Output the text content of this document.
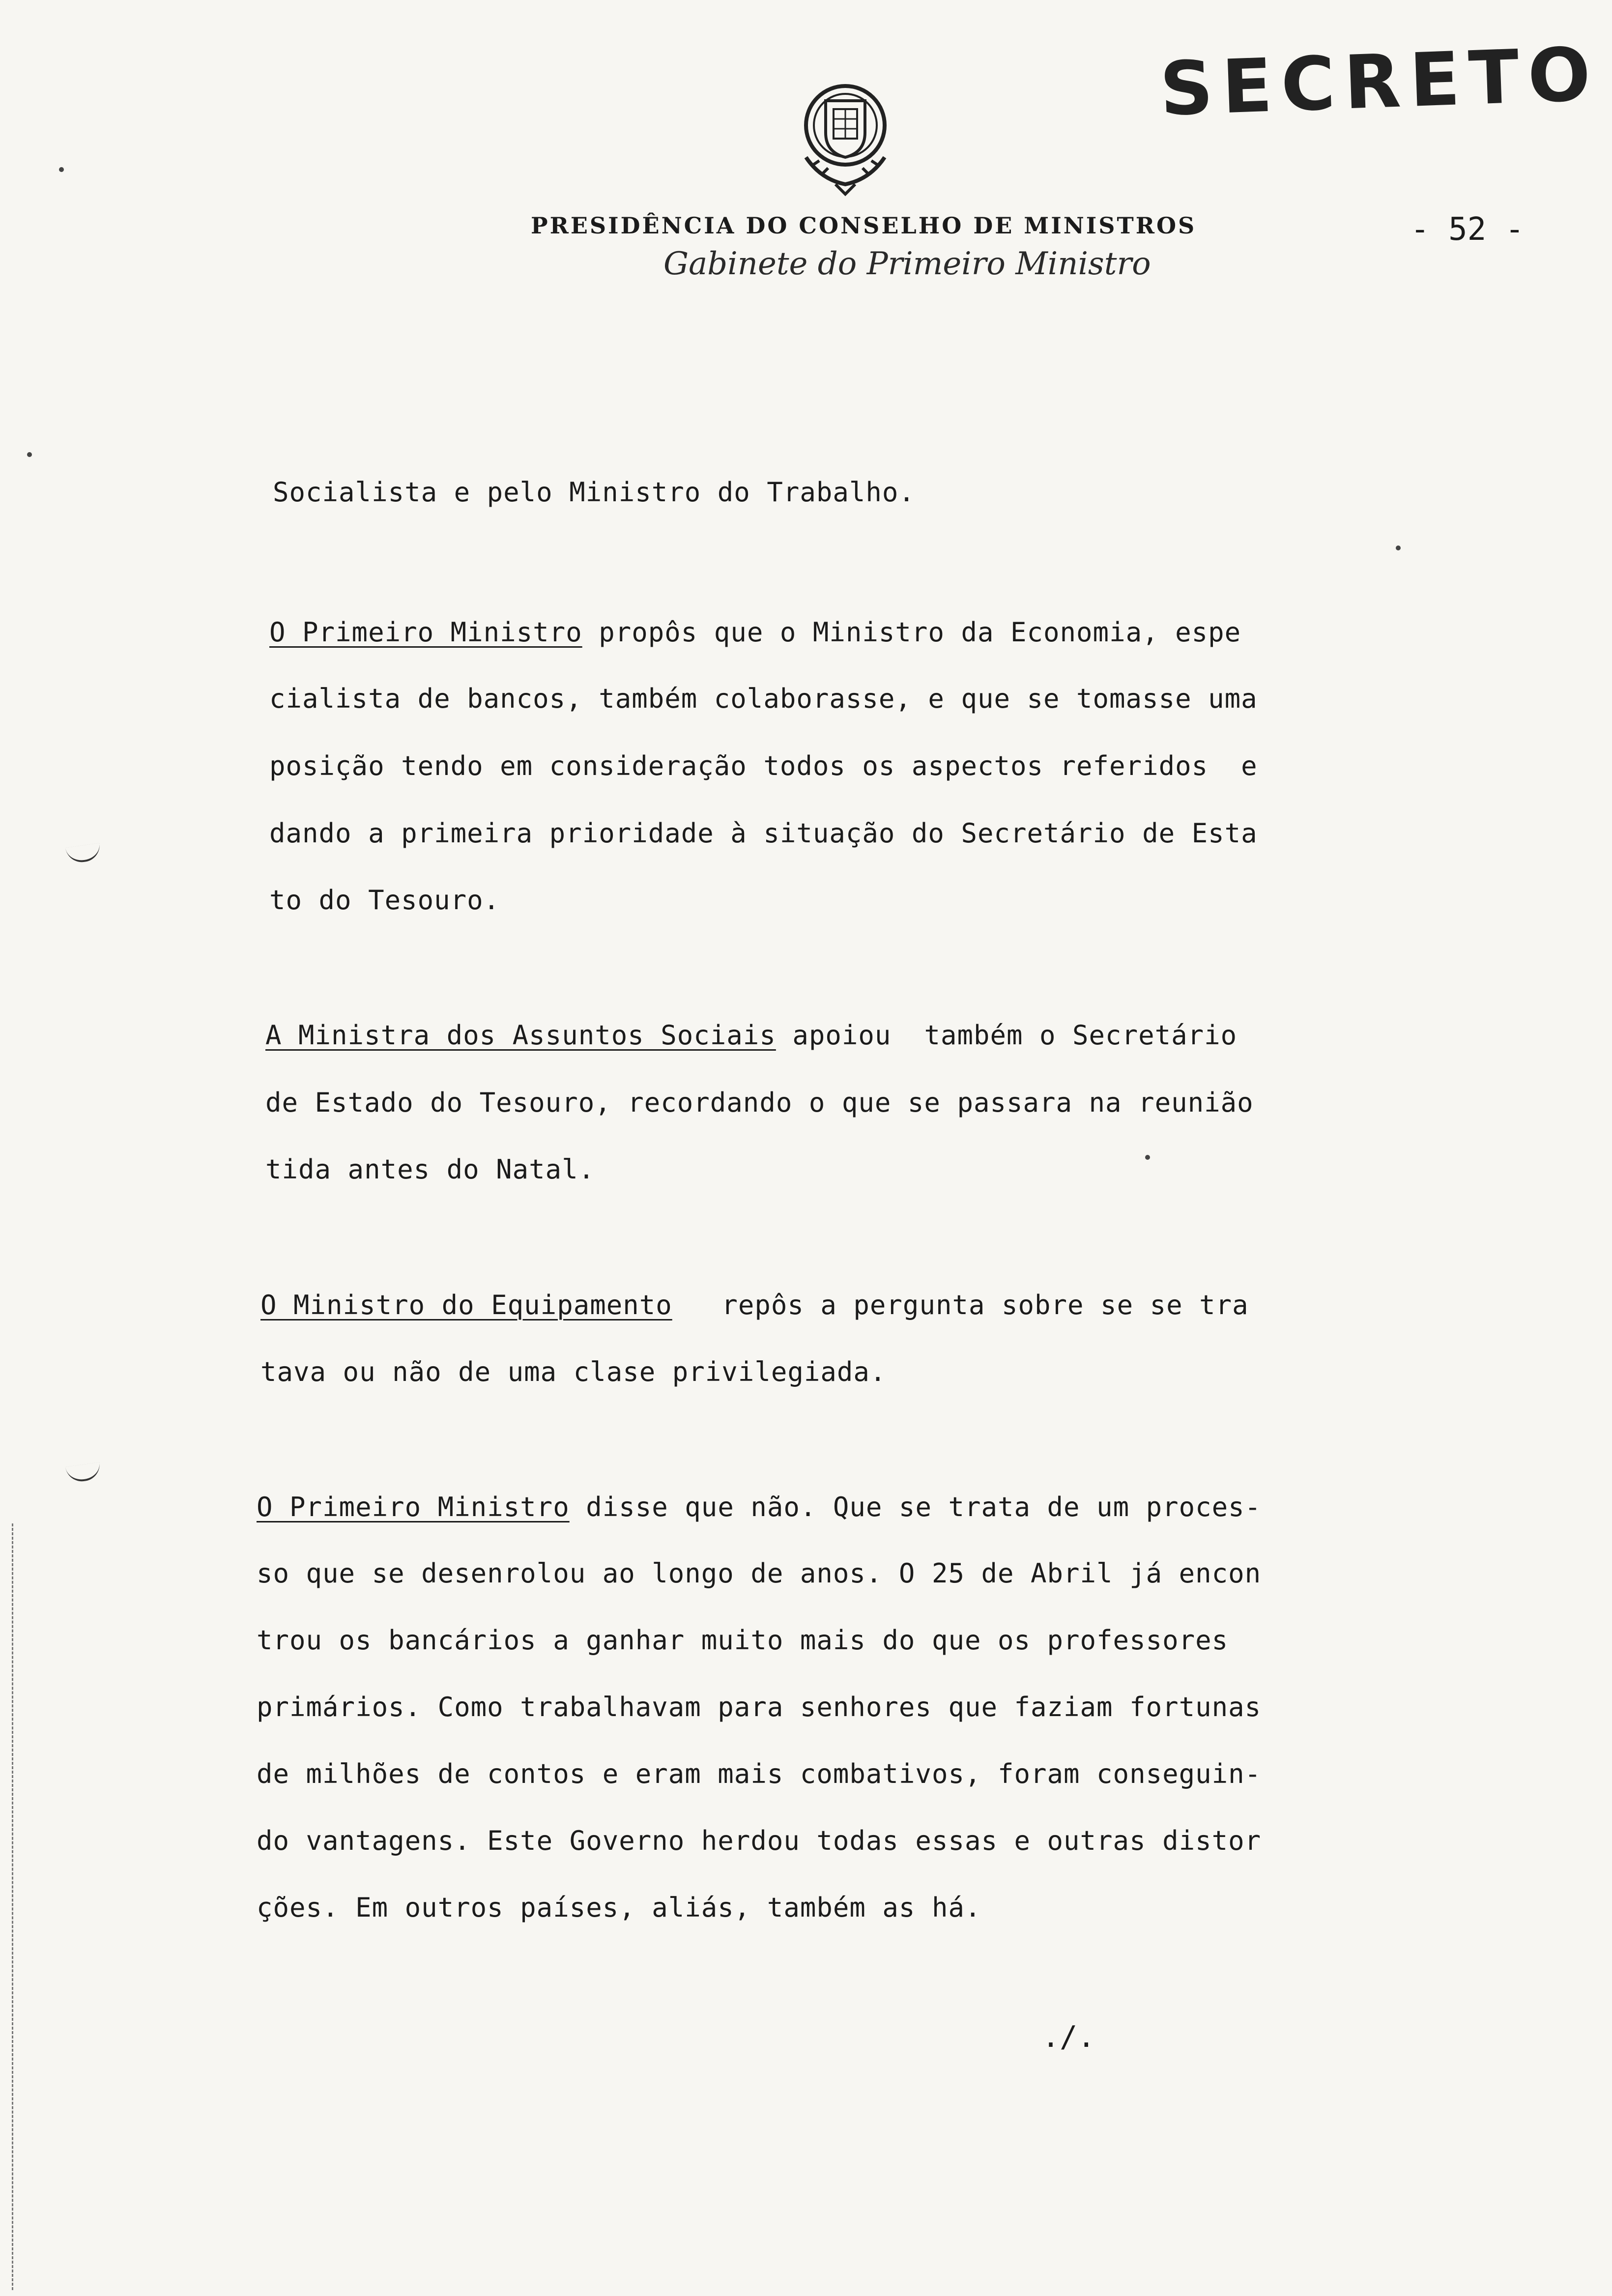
SECRETO
PRESIDÊNCIA DO CONSELHO DE MINISTROS
Gabinete do Primeiro Ministro
- 52 -
Socialista e pelo Ministro do Trabalho.
O Primeiro Ministro propôs que o Ministro da Economia, espe
cialista de bancos, também colaborasse, e que se tomasse uma
posição tendo em consideração todos os aspectos referidos  e
dando a primeira prioridade à situação do Secretário de Esta
to do Tesouro.
A Ministra dos Assuntos Sociais apoiou  também o Secretário
de Estado do Tesouro, recordando o que se passara na reunião
tida antes do Natal.
O Ministro do Equipamento   repôs a pergunta sobre se se tra
tava ou não de uma clase privilegiada.
O Primeiro Ministro disse que não. Que se trata de um proces-
so que se desenrolou ao longo de anos. O 25 de Abril já encon
trou os bancários a ganhar muito mais do que os professores
primários. Como trabalhavam para senhores que faziam fortunas
de milhões de contos e eram mais combativos, foram conseguin-
do vantagens. Este Governo herdou todas essas e outras distor
ções. Em outros países, aliás, também as há.
./.
